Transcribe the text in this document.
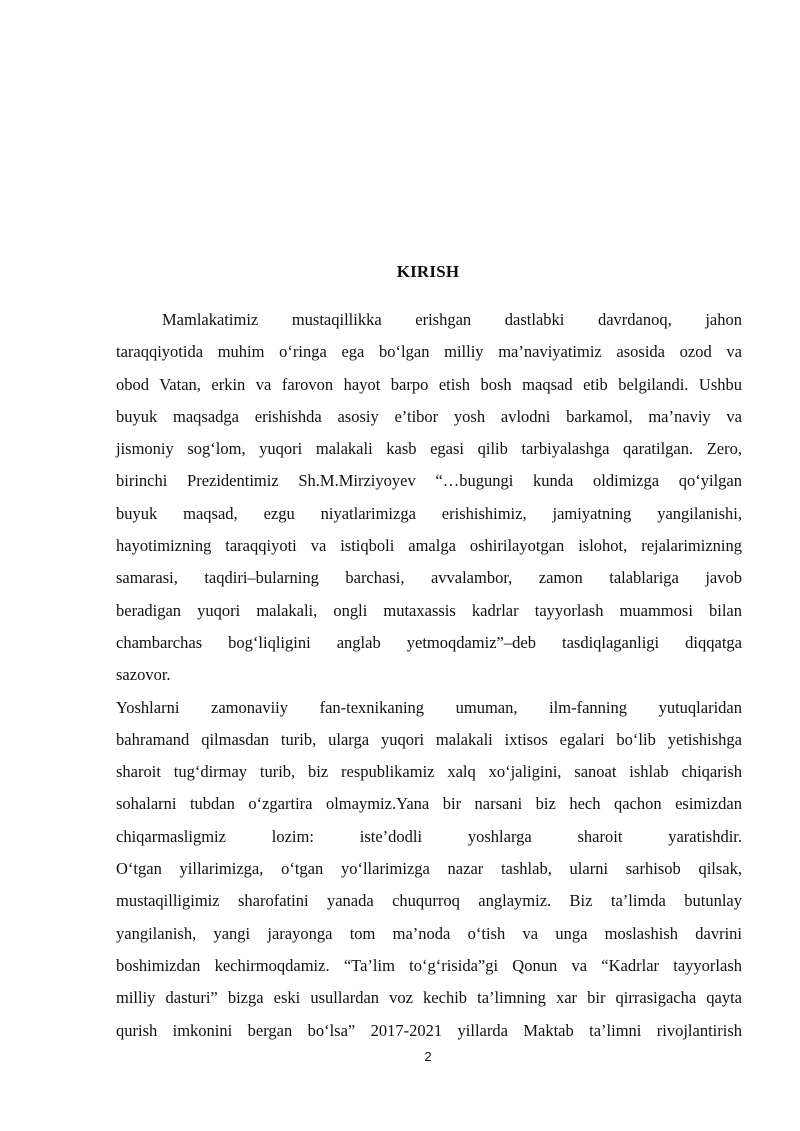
KIRISH

Mamlakatimiz mustaqillikka erishgan dastlabki davrdanoq, jahon
taraqqiyotida muhim o‘ringa ega bo‘lgan milliy ma’naviyatimiz asosida ozod va
obod Vatan, erkin va farovon hayot barpo etish bosh maqsad etib belgilandi. Ushbu
buyuk maqsadga erishishda asosiy e’tibor yosh avlodni barkamol, ma’naviy va
jismoniy sog‘lom, yuqori malakali kasb egasi qilib tarbiyalashga qaratilgan. Zero,
birinchi Prezidentimiz Sh.M.Mirziyoyev “…bugungi kunda oldimizga qo‘yilgan
buyuk maqsad, ezgu niyatlarimizga erishishimiz, jamiyatning yangilanishi,
hayotimizning taraqqiyoti va istiqboli amalga oshirilayotgan islohot, rejalarimizning
samarasi, taqdiri–bularning barchasi, avvalambor, zamon talablariga javob
beradigan yuqori malakali, ongli mutaxassis kadrlar tayyorlash muammosi bilan
chambarchas bog‘liqligini anglab yetmoqdamiz”–deb tasdiqlaganligi diqqatga
sazovor.

Yoshlarni zamonaviiy fan-texnikaning umuman, ilm-fanning yutuqlaridan
bahramand qilmasdan turib, ularga yuqori malakali ixtisos egalari bo‘lib yetishishga
sharoit tug‘dirmay turib, biz respublikamiz xalq xo‘jaligini, sanoat ishlab chiqarish
sohalarni tubdan o‘zgartira olmaymiz.Yana bir narsani biz hech qachon esimizdan
chiqarmasligmiz lozim: iste’dodli yoshlarga sharoit yaratishdir.
O‘tgan yillarimizga, o‘tgan yo‘llarimizga nazar tashlab, ularni sarhisob qilsak,
mustaqilligimiz sharofatini yanada chuqurroq anglaymiz. Biz ta’limda butunlay
yangilanish, yangi jarayonga tom ma’noda o‘tish va unga moslashish davrini
boshimizdan kechirmoqdamiz. “Ta’lim to‘g‘risida”gi Qonun va “Kadrlar tayyorlash
milliy dasturi” bizga eski usullardan voz kechib ta’limning xar bir qirrasigacha qayta
qurish imkonini bergan bo‘lsa” 2017-2021 yillarda Maktab ta’limni rivojlantirish

2
